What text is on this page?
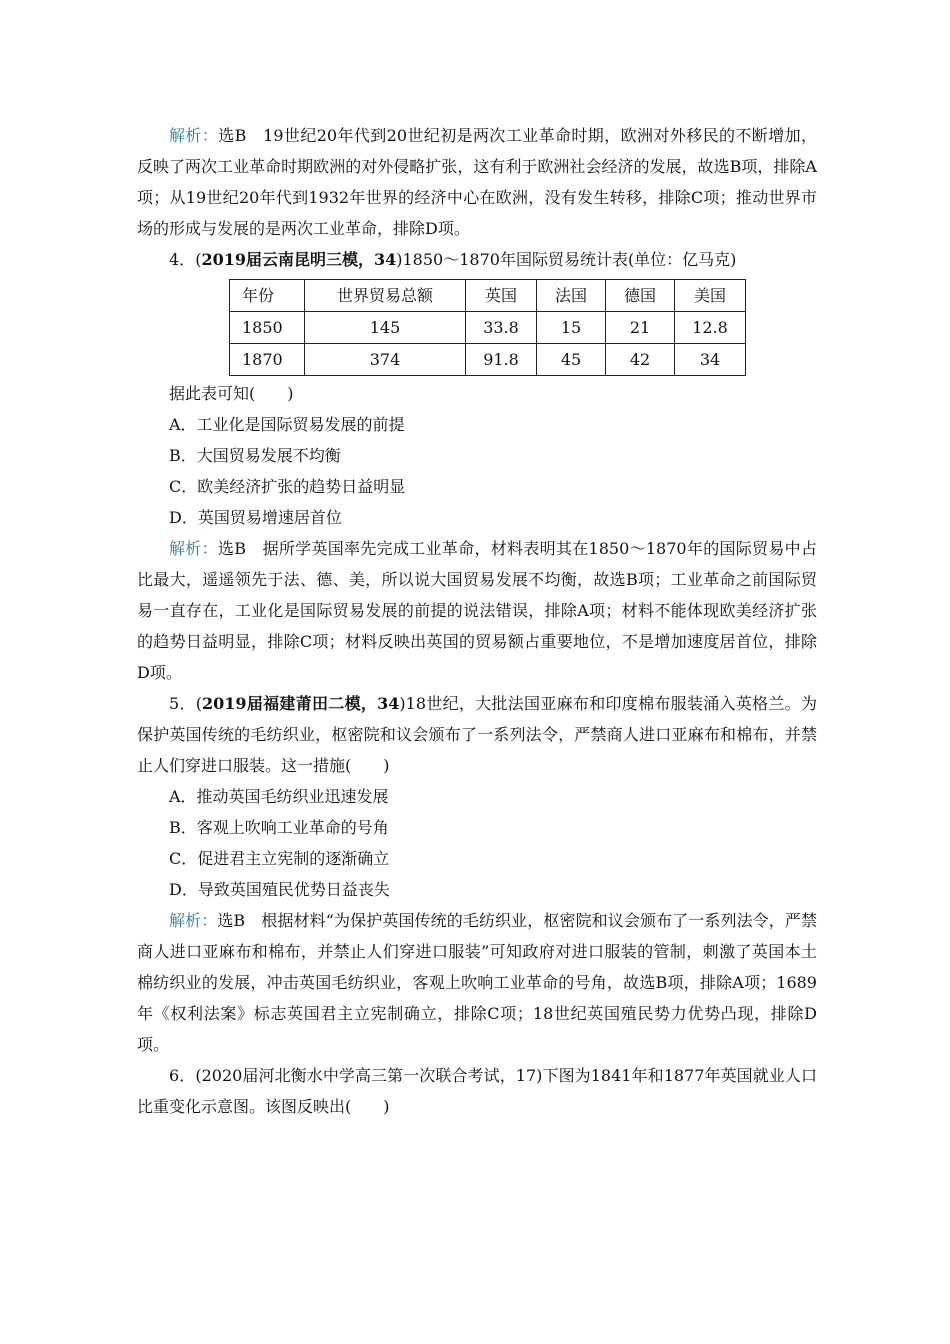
解析：选B　19世纪20年代到20世纪初是两次工业革命时期，欧洲对外移民的不断增加，反映了两次工业革命时期欧洲的对外侵略扩张，这有利于欧洲社会经济的发展，故选B项，排除A项；从19世纪20年代到1932年世界的经济中心在欧洲，没有发生转移，排除C项；推动世界市场的形成与发展的是两次工业革命，排除D项。

4．(2019届云南昆明三模，34)1850～1870年国际贸易统计表(单位：亿马克)

年份	世界贸易总额	英国	法国	德国	美国
1850	145	33.8	15	21	12.8
1870	374	91.8	45	42	34

据此表可知(　　)

A．工业化是国际贸易发展的前提

B．大国贸易发展不均衡

C．欧美经济扩张的趋势日益明显

D．英国贸易增速居首位

解析：选B　据所学英国率先完成工业革命，材料表明其在1850～1870年的国际贸易中占比最大，遥遥领先于法、德、美，所以说大国贸易发展不均衡，故选B项；工业革命之前国际贸易一直存在，工业化是国际贸易发展的前提的说法错误，排除A项；材料不能体现欧美经济扩张的趋势日益明显，排除C项；材料反映出英国的贸易额占重要地位，不是增加速度居首位，排除D项。

5．(2019届福建莆田二模，34)18世纪，大批法国亚麻布和印度棉布服装涌入英格兰。为保护英国传统的毛纺织业，枢密院和议会颁布了一系列法令，严禁商人进口亚麻布和棉布，并禁止人们穿进口服装。这一措施(　　)

A．推动英国毛纺织业迅速发展

B．客观上吹响工业革命的号角

C．促进君主立宪制的逐渐确立

D．导致英国殖民优势日益丧失

解析：选B　根据材料“为保护英国传统的毛纺织业，枢密院和议会颁布了一系列法令，严禁商人进口亚麻布和棉布，并禁止人们穿进口服装”可知政府对进口服装的管制，刺激了英国本土棉纺织业的发展，冲击英国毛纺织业，客观上吹响工业革命的号角，故选B项，排除A项；1689年《权利法案》标志英国君主立宪制确立，排除C项；18世纪英国殖民势力优势凸现，排除D项。

6．(2020届河北衡水中学高三第一次联合考试，17)下图为1841年和1877年英国就业人口比重变化示意图。该图反映出(　　)
